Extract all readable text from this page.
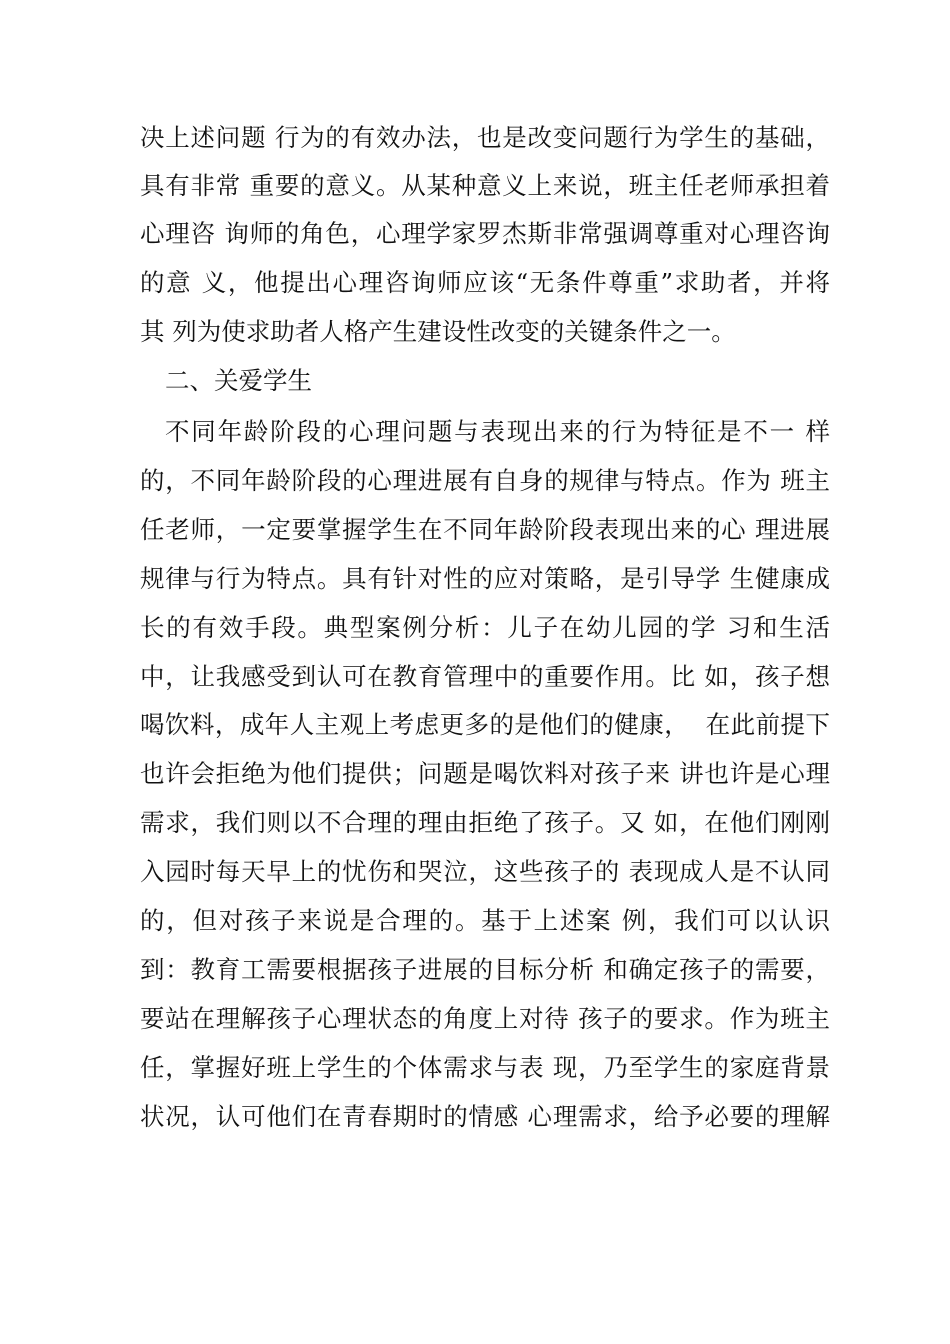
决上述问题 行为的有效办法，也是改变问题行为学生的基础，
具有非常 重要的意义。从某种意义上来说，班主任老师承担着
心理咨 询师的角色，心理学家罗杰斯非常强调尊重对心理咨询
的意 义，他提出心理咨询师应该“无条件尊重”求助者，并将
其 列为使求助者人格产生建设性改变的关键条件之一。
二、关爱学生
不同年龄阶段的心理问题与表现出来的行为特征是不一 样
的，不同年龄阶段的心理进展有自身的规律与特点。作为 班主
任老师，一定要掌握学生在不同年龄阶段表现出来的心 理进展
规律与行为特点。具有针对性的应对策略，是引导学 生健康成
长的有效手段。典型案例分析：儿子在幼儿园的学 习和生活
中，让我感受到认可在教育管理中的重要作用。比 如，孩子想
喝饮料，成年人主观上考虑更多的是他们的健康，  在此前提下
也许会拒绝为他们提供；问题是喝饮料对孩子来 讲也许是心理
需求，我们则以不合理的理由拒绝了孩子。又 如，在他们刚刚
入园时每天早上的忧伤和哭泣，这些孩子的 表现成人是不认同
的，但对孩子来说是合理的。基于上述案 例，我们可以认识
到：教育工需要根据孩子进展的目标分析 和确定孩子的需要，
要站在理解孩子心理状态的角度上对待 孩子的要求。作为班主
任，掌握好班上学生的个体需求与表 现，乃至学生的家庭背景
状况，认可他们在青春期时的情感 心理需求，给予必要的理解
